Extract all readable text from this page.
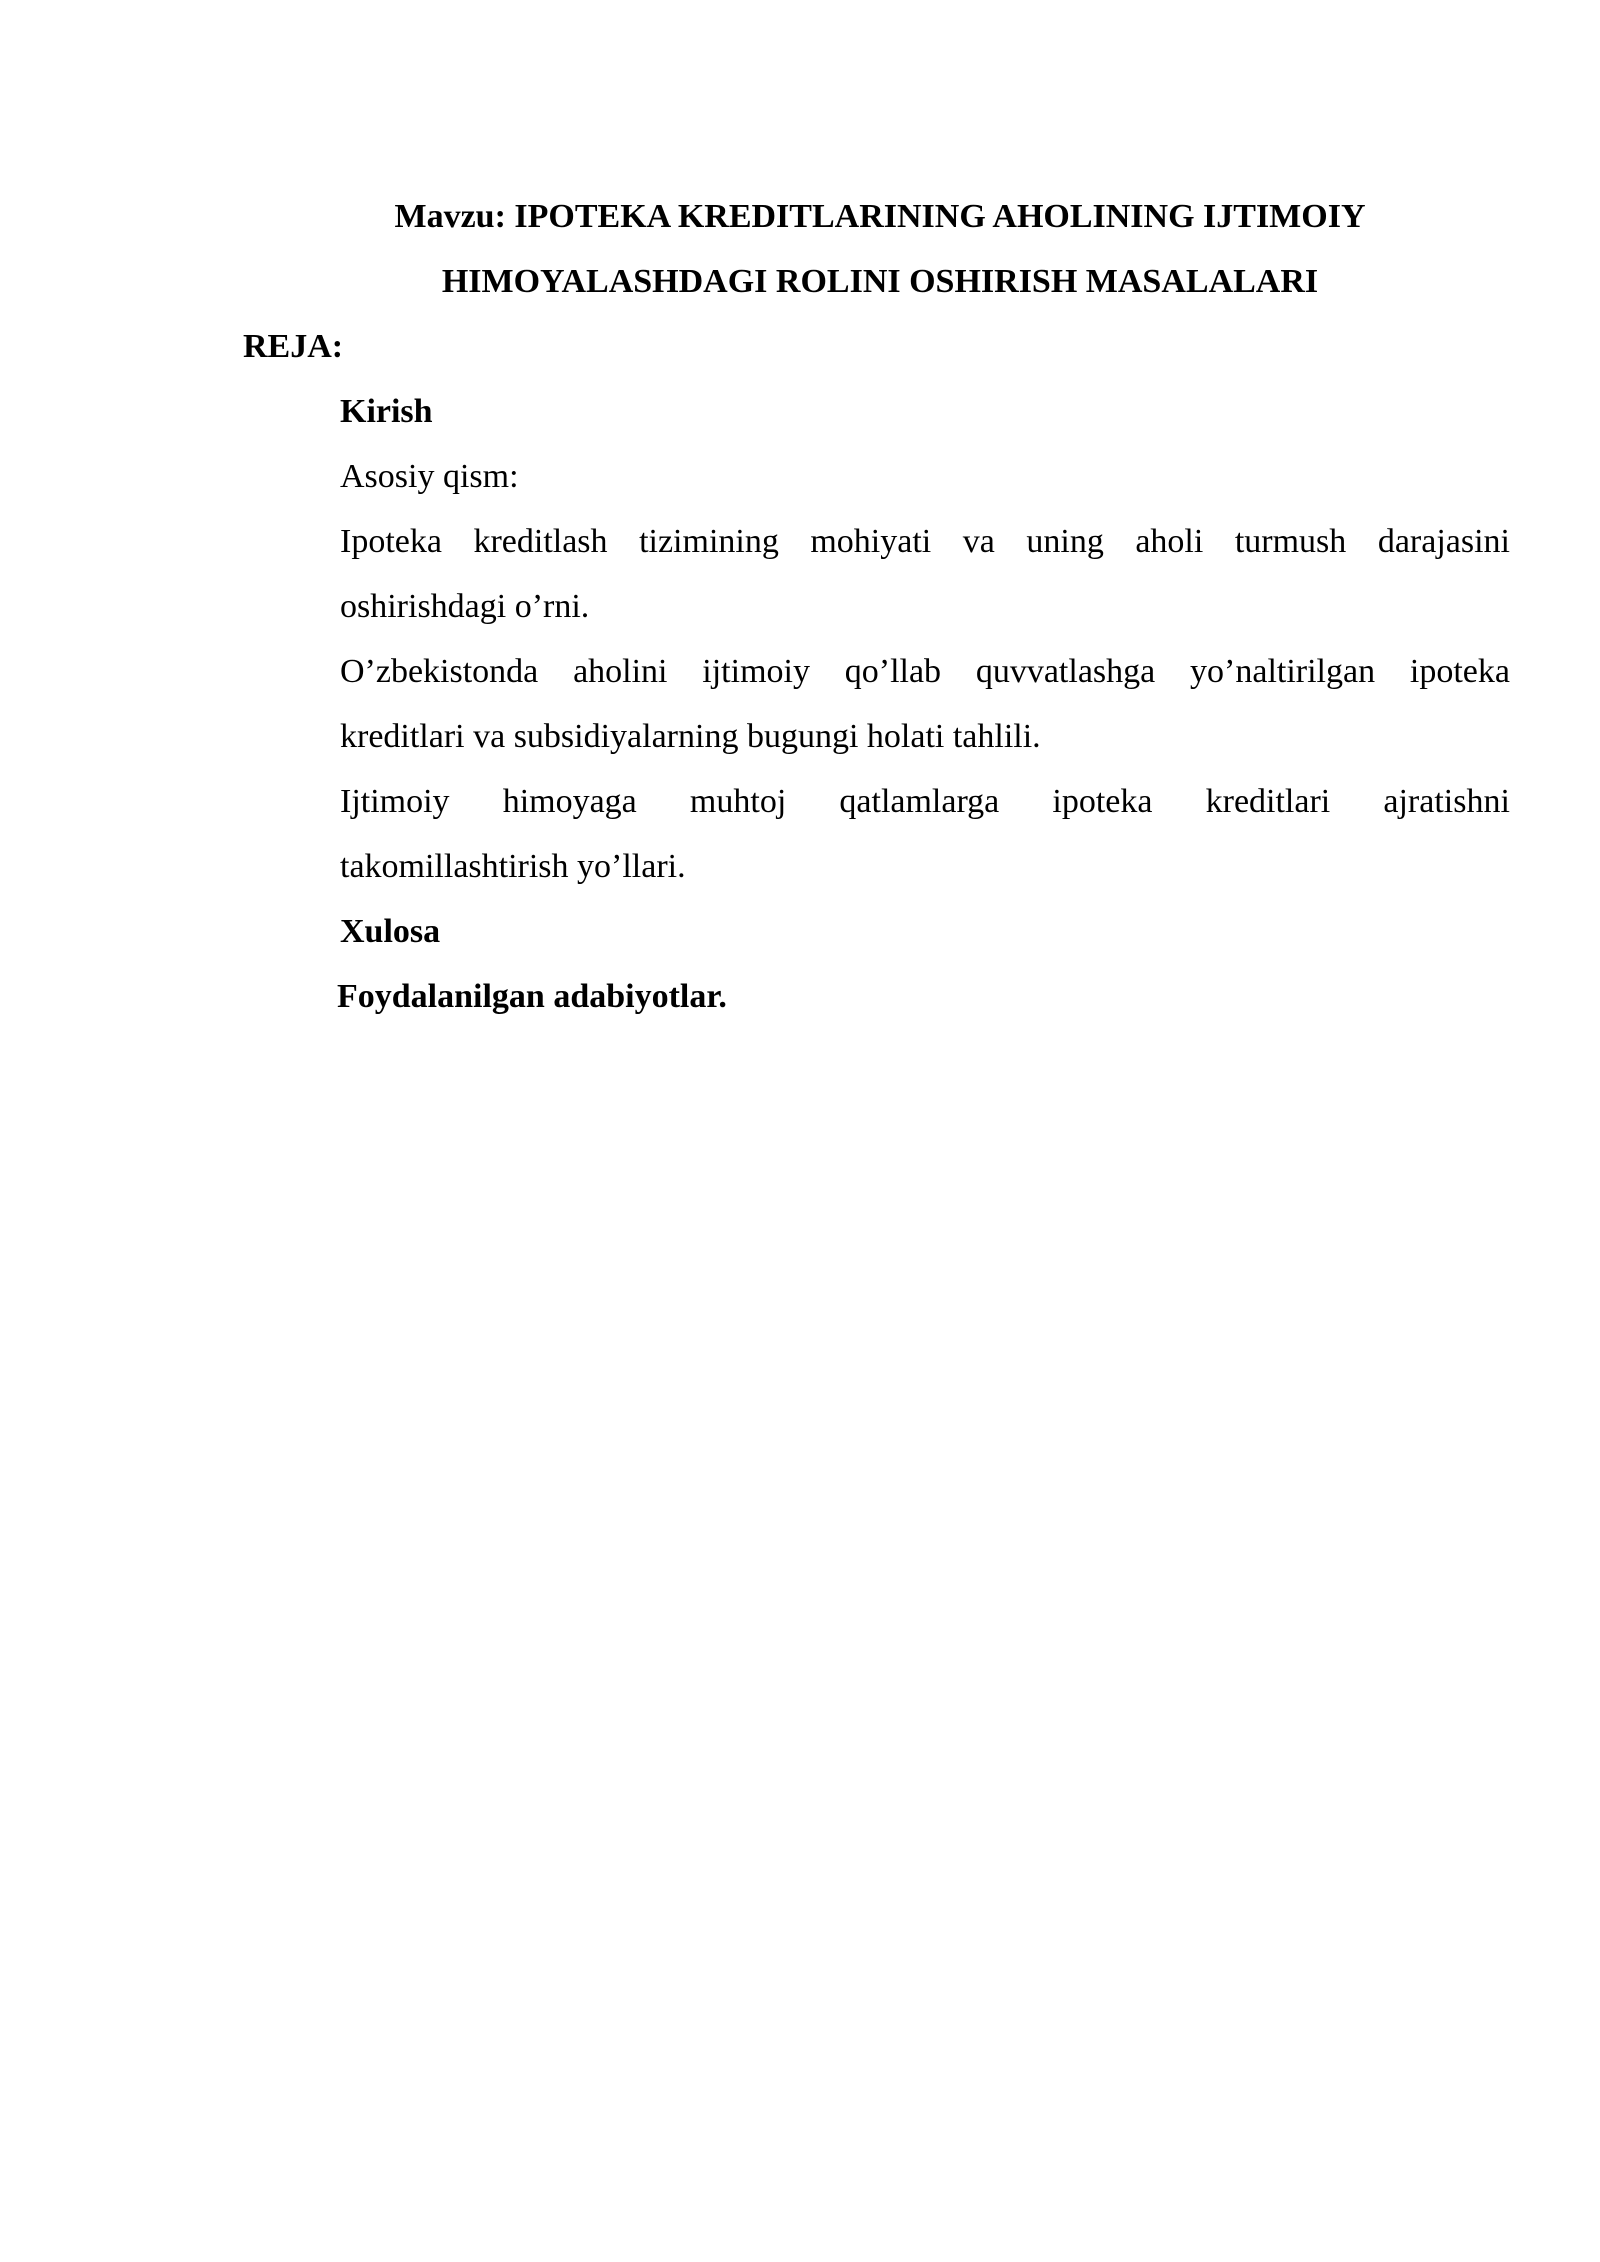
Mavzu: IPOTEKA KREDITLARINING AHOLINING IJTIMOIY
HIMOYALASHDAGI ROLINI OSHIRISH MASALALARI
REJA:
Kirish
Asosiy qism:
Ipoteka kreditlash tizimining mohiyati va uning aholi turmush darajasini
oshirishdagi o’rni.
O’zbekistonda aholini ijtimoiy qo’llab quvvatlashga yo’naltirilgan ipoteka
kreditlari va subsidiyalarning bugungi holati tahlili.
Ijtimoiy himoyaga muhtoj qatlamlarga ipoteka kreditlari ajratishni
takomillashtirish yo’llari.
Xulosa
Foydalanilgan adabiyotlar.
